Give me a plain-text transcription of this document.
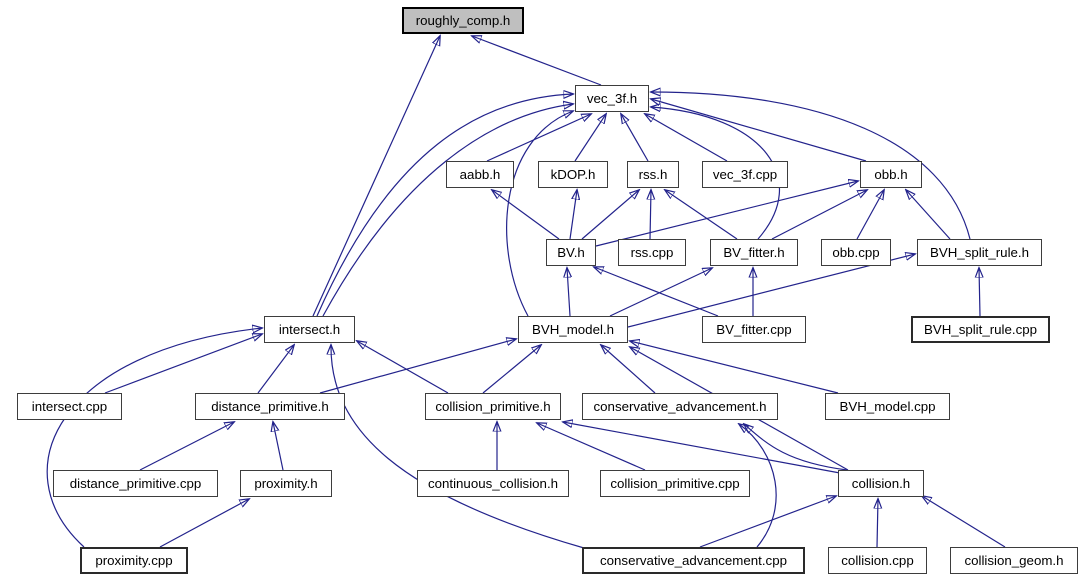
roughly_comp.h
vec_3f.h
aabb.h	kDOP.h	rss.h	vec_3f.cpp	obb.h
BV.h	rss.cpp	BV_fitter.h	obb.cpp	BVH_split_rule.h
intersect.h	BVH_model.h	BV_fitter.cpp	BVH_split_rule.cpp
intersect.cpp	distance_primitive.h	collision_primitive.h	conservative_advancement.h	BVH_model.cpp
distance_primitive.cpp	proximity.h	continuous_collision.h	collision_primitive.cpp	collision.h
proximity.cpp	conservative_advancement.cpp	collision.cpp	collision_geom.h
